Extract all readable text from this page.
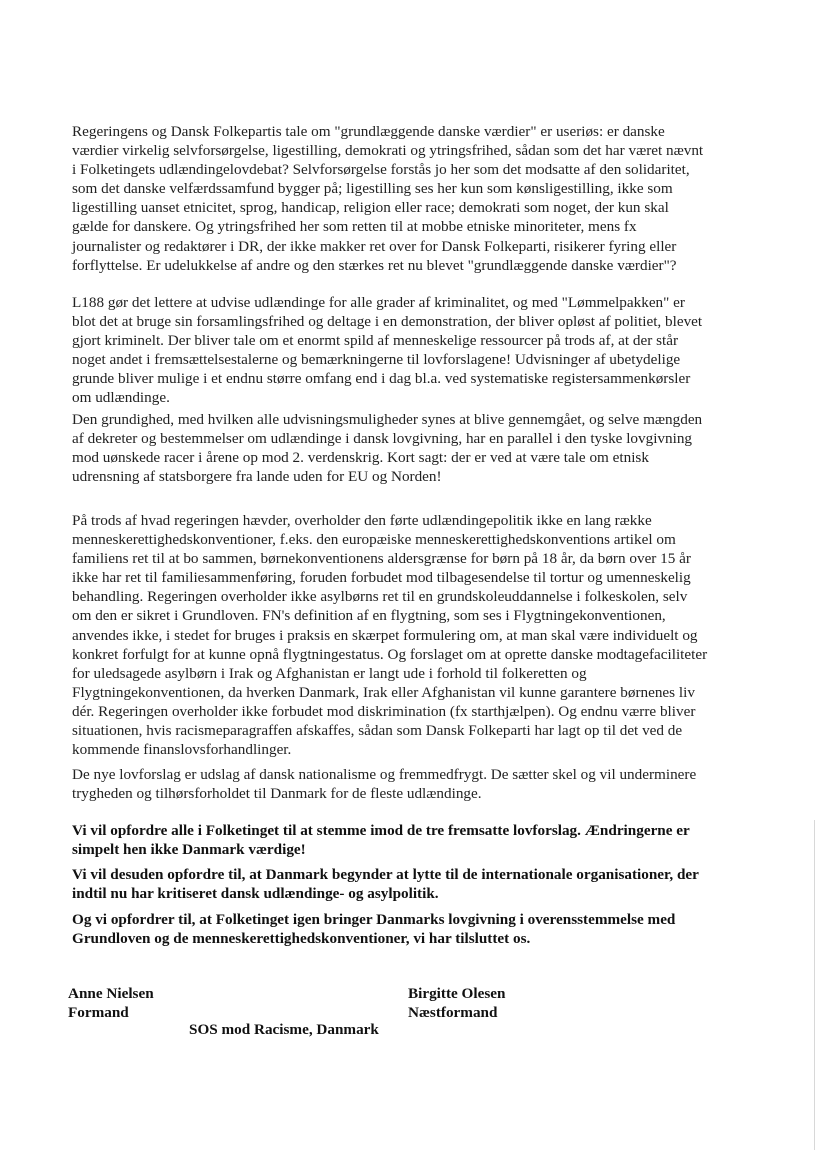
Regeringens og Dansk Folkepartis tale om "grundlæggende danske værdier" er useriøs: er danske
værdier virkelig selvforsørgelse, ligestilling, demokrati og ytringsfrihed, sådan som det har været nævnt
i Folketingets udlændingelovdebat? Selvforsørgelse forstås jo her som det modsatte af den solidaritet,
som det danske velfærdssamfund bygger på; ligestilling ses her kun som kønsligestilling, ikke som
ligestilling uanset etnicitet, sprog, handicap, religion eller race; demokrati som noget, der kun skal
gælde for danskere. Og ytringsfrihed her som retten til at mobbe etniske minoriteter, mens fx
journalister og redaktører i DR, der ikke makker ret over for Dansk Folkeparti, risikerer fyring eller
forflyttelse. Er udelukkelse af andre og den stærkes ret nu blevet "grundlæggende danske værdier"?

L188 gør det lettere at udvise udlændinge for alle grader af kriminalitet, og med "Lømmelpakken" er
blot det at bruge sin forsamlingsfrihed og deltage i en demonstration, der bliver opløst af politiet, blevet
gjort kriminelt. Der bliver tale om et enormt spild af menneskelige ressourcer på trods af, at der står
noget andet i fremsættelsestalerne og bemærkningerne til lovforslagene! Udvisninger af ubetydelige
grunde bliver mulige i et endnu større omfang end i dag bl.a. ved systematiske registersammenkørsler
om udlændinge.

Den grundighed, med hvilken alle udvisningsmuligheder synes at blive gennemgået, og selve mængden
af dekreter og bestemmelser om udlændinge i dansk lovgivning, har en parallel i den tyske lovgivning
mod uønskede racer i årene op mod 2. verdenskrig. Kort sagt: der er ved at være tale om etnisk
udrensning af statsborgere fra lande uden for EU og Norden!

På trods af hvad regeringen hævder, overholder den førte udlændingepolitik ikke en lang række
menneskerettighedskonventioner, f.eks. den europæiske menneskerettighedskonventions artikel om
familiens ret til at bo sammen, børnekonventionens aldersgrænse for børn på 18 år, da børn over 15 år
ikke har ret til familiesammenføring, foruden forbudet mod tilbagesendelse til tortur og umenneskelig
behandling. Regeringen overholder ikke asylbørns ret til en grundskoleuddannelse i folkeskolen, selv
om den er sikret i Grundloven. FN's definition af en flygtning, som ses i Flygtningekonventionen,
anvendes ikke, i stedet for bruges i praksis en skærpet formulering om, at man skal være individuelt og
konkret forfulgt for at kunne opnå flygtningestatus. Og forslaget om at oprette danske modtagefaciliteter
for uledsagede asylbørn i Irak og Afghanistan er langt ude i forhold til folkeretten og
Flygtningekonventionen, da hverken Danmark, Irak eller Afghanistan vil kunne garantere børnenes liv
dér. Regeringen overholder ikke forbudet mod diskrimination (fx starthjælpen). Og endnu værre bliver
situationen, hvis racismeparagraffen afskaffes, sådan som Dansk Folkeparti har lagt op til det ved de
kommende finanslovsforhandlinger.

De nye lovforslag er udslag af dansk nationalisme og fremmedfrygt. De sætter skel og vil underminere
trygheden og tilhørsforholdet til Danmark for de fleste udlændinge.

Vi vil opfordre alle i Folketinget til at stemme imod de tre fremsatte lovforslag. Ændringerne er
simpelt hen ikke Danmark værdige!

Vi vil desuden opfordre til, at Danmark begynder at lytte til de internationale organisationer, der
indtil nu har kritiseret dansk udlændinge- og asylpolitik.

Og vi opfordrer til, at Folketinget igen bringer Danmarks lovgivning i overensstemmelse med
Grundloven og de menneskerettighedskonventioner, vi har tilsluttet os.

Anne Nielsen
Formand
Birgitte Olesen
Næstformand
SOS mod Racisme, Danmark
